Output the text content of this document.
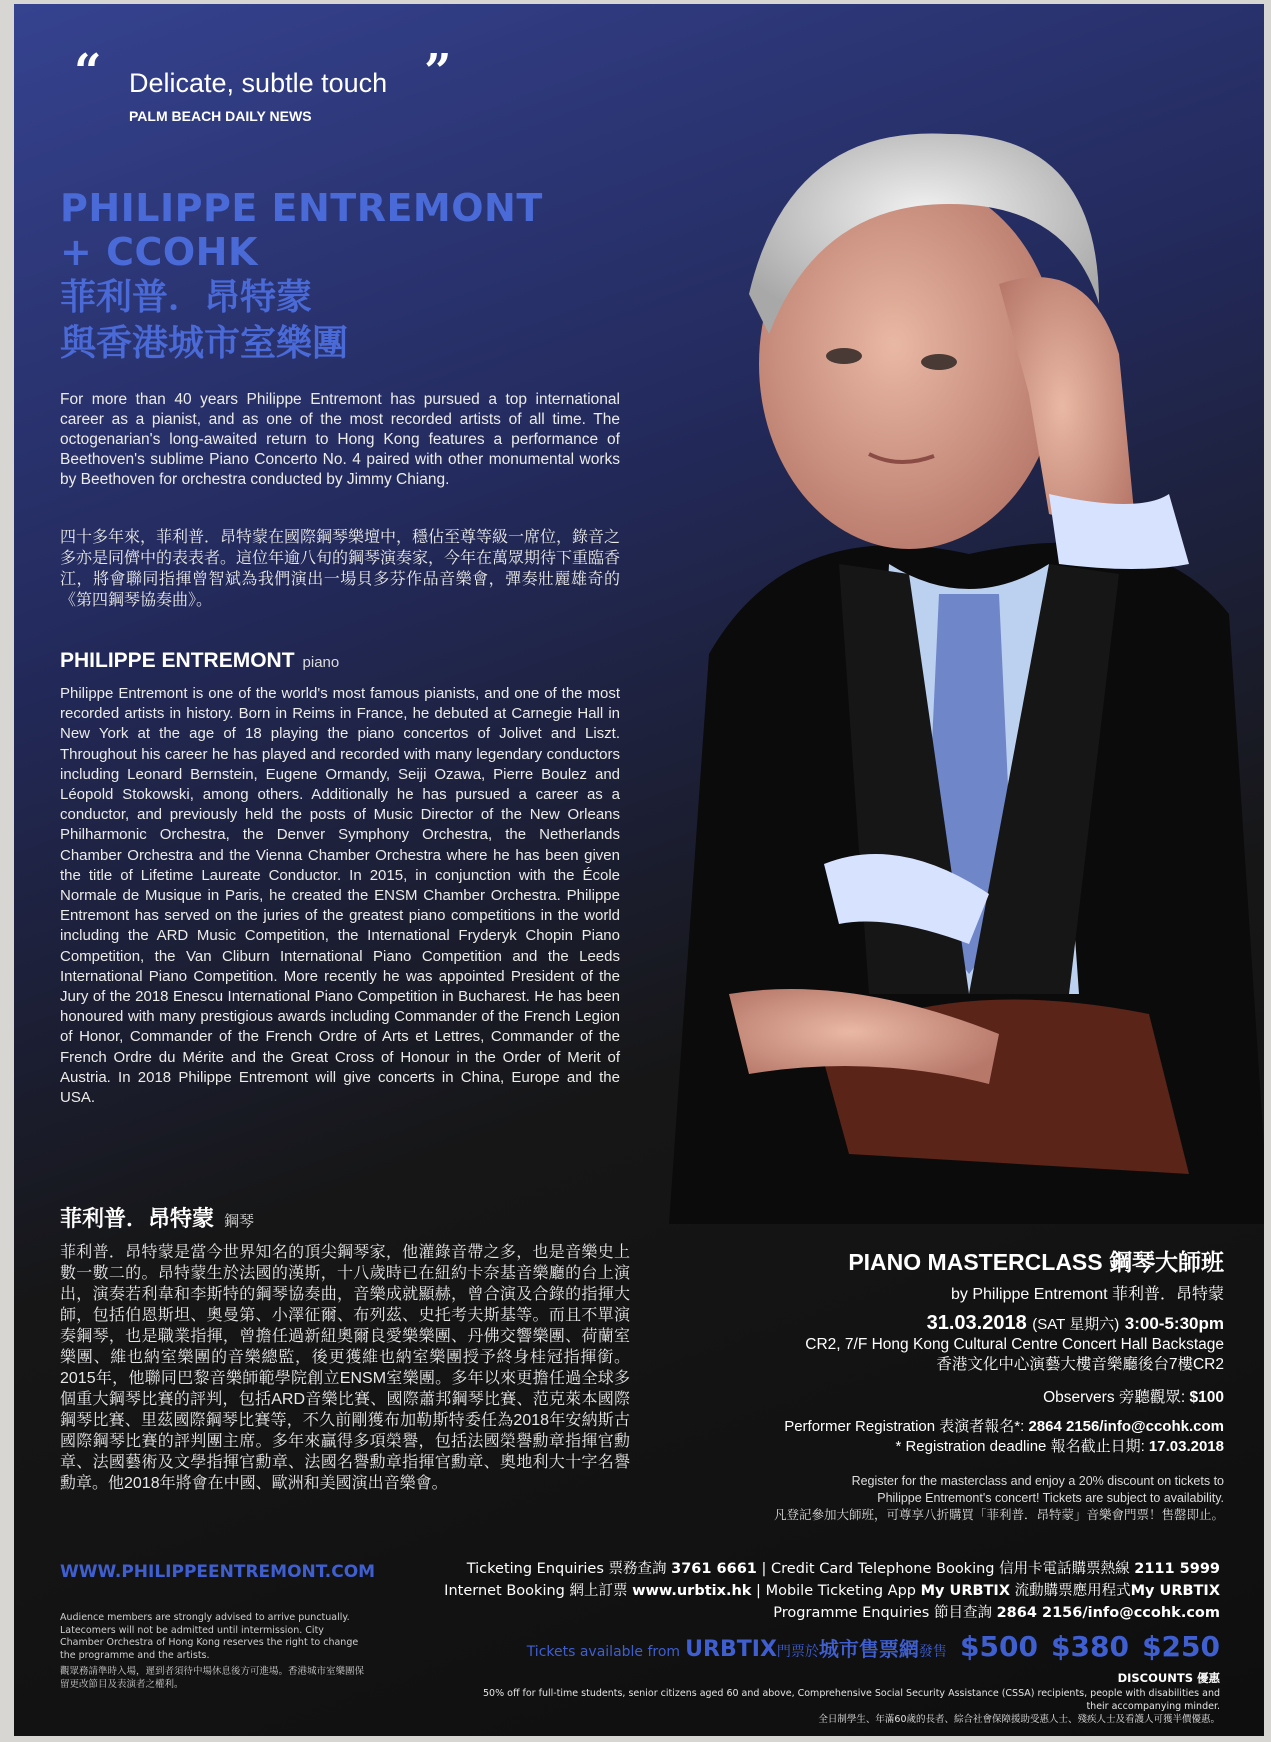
“ Delicate, subtle touch ”
PALM BEACH DAILY NEWS
PHILIPPE ENTREMONT
+ CCOHK
菲利普．昂特蒙
與香港城市室樂團
For more than 40 years Philippe Entremont has pursued a top international career as a pianist, and as one of the most recorded artists of all time. The octogenarian's long-awaited return to Hong Kong features a performance of Beethoven's sublime Piano Concerto No. 4 paired with other monumental works by Beethoven for orchestra conducted by Jimmy Chiang.
四十多年來，菲利普．昂特蒙在國際鋼琴樂壇中，穩佔至尊等級一席位，錄音之多亦是同儕中的表表者。這位年逾八旬的鋼琴演奏家，今年在萬眾期待下重臨香江，將會聯同指揮曾智斌為我們演出一場貝多芬作品音樂會，彈奏壯麗雄奇的《第四鋼琴協奏曲》。
PHILIPPE ENTREMONT piano
Philippe Entremont is one of the world's most famous pianists, and one of the most recorded artists in history. Born in Reims in France, he debuted at Carnegie Hall in New York at the age of 18 playing the piano concertos of Jolivet and Liszt. Throughout his career he has played and recorded with many legendary conductors including Leonard Bernstein, Eugene Ormandy, Seiji Ozawa, Pierre Boulez and Léopold Stokowski, among others. Additionally he has pursued a career as a conductor, and previously held the posts of Music Director of the New Orleans Philharmonic Orchestra, the Denver Symphony Orchestra, the Netherlands Chamber Orchestra and the Vienna Chamber Orchestra where he has been given the title of Lifetime Laureate Conductor. In 2015, in conjunction with the École Normale de Musique in Paris, he created the ENSM Chamber Orchestra. Philippe Entremont has served on the juries of the greatest piano competitions in the world including the ARD Music Competition, the International Fryderyk Chopin Piano Competition, the Van Cliburn International Piano Competition and the Leeds International Piano Competition. More recently he was appointed President of the Jury of the 2018 Enescu International Piano Competition in Bucharest. He has been honoured with many prestigious awards including Commander of the French Legion of Honor, Commander of the French Ordre of Arts et Lettres, Commander of the French Ordre du Mérite and the Great Cross of Honour in the Order of Merit of Austria. In 2018 Philippe Entremont will give concerts in China, Europe and the USA.
菲利普．昂特蒙 鋼琴
菲利普．昂特蒙是當今世界知名的頂尖鋼琴家，他灌錄音帶之多，也是音樂史上數一數二的。昂特蒙生於法國的漢斯，十八歲時已在紐約卡奈基音樂廳的台上演出，演奏若利韋和李斯特的鋼琴協奏曲，音樂成就顯赫，曾合演及合錄的指揮大師，包括伯恩斯坦、奧曼第、小澤征爾、布列茲、史托考夫斯基等。而且不單演奏鋼琴，也是職業指揮，曾擔任過新紐奧爾良愛樂樂團、丹佛交響樂團、荷蘭室樂團、維也納室樂團的音樂總監，後更獲維也納室樂團授予終身桂冠指揮銜。2015年，他聯同巴黎音樂師範學院創立ENSM室樂團。多年以來更擔任過全球多個重大鋼琴比賽的評判，包括ARD音樂比賽、國際蕭邦鋼琴比賽、范克萊本國際鋼琴比賽、里茲國際鋼琴比賽等，不久前剛獲布加勒斯特委任為2018年安納斯古國際鋼琴比賽的評判團主席。多年來贏得多項榮譽，包括法國榮譽勳章指揮官勳章、法國藝術及文學指揮官勳章、法國名譽勳章指揮官勳章、奧地利大十字名譽勳章。他2018年將會在中國、歐洲和美國演出音樂會。
PIANO MASTERCLASS 鋼琴大師班
by Philippe Entremont 菲利普．昂特蒙
31.03.2018 (SAT 星期六) 3:00-5:30pm
CR2, 7/F Hong Kong Cultural Centre Concert Hall Backstage
香港文化中心演藝大樓音樂廳後台7樓CR2
Observers 旁聽觀眾: $100
Performer Registration 表演者報名*: 2864 2156/info@ccohk.com
* Registration deadline 報名截止日期: 17.03.2018
Register for the masterclass and enjoy a 20% discount on tickets to
Philippe Entremont's concert! Tickets are subject to availability.
凡登記參加大師班，可尊享八折購買「菲利普．昂特蒙」音樂會門票！售罄即止。
WWW.PHILIPPEENTREMONT.COM	Ticketing Enquiries 票務查詢 3761 6661 | Credit Card Telephone Booking 信用卡電話購票熱線 2111 5999
Internet Booking 網上訂票 www.urbtix.hk | Mobile Ticketing App My URBTIX 流動購票應用程式My URBTIX
Programme Enquiries 節目查詢 2864 2156/info@ccohk.com
Audience members are strongly advised to arrive punctually. Latecomers will not be admitted until intermission. City Chamber Orchestra of Hong Kong reserves the right to change the programme and the artists.
觀眾務請準時入場，遲到者須待中場休息後方可進場。香港城市室樂團保留更改節目及表演者之權利。
Tickets available from URBTIX門票於城市售票網發售 $500 $380 $250
DISCOUNTS 優惠
50% off for full-time students, senior citizens aged 60 and above, Comprehensive Social Security Assistance (CSSA) recipients, people with disabilities and their accompanying minder.
全日制學生、年滿60歲的長者、綜合社會保障援助受惠人士、殘疾人士及看護人可獲半價優惠。
